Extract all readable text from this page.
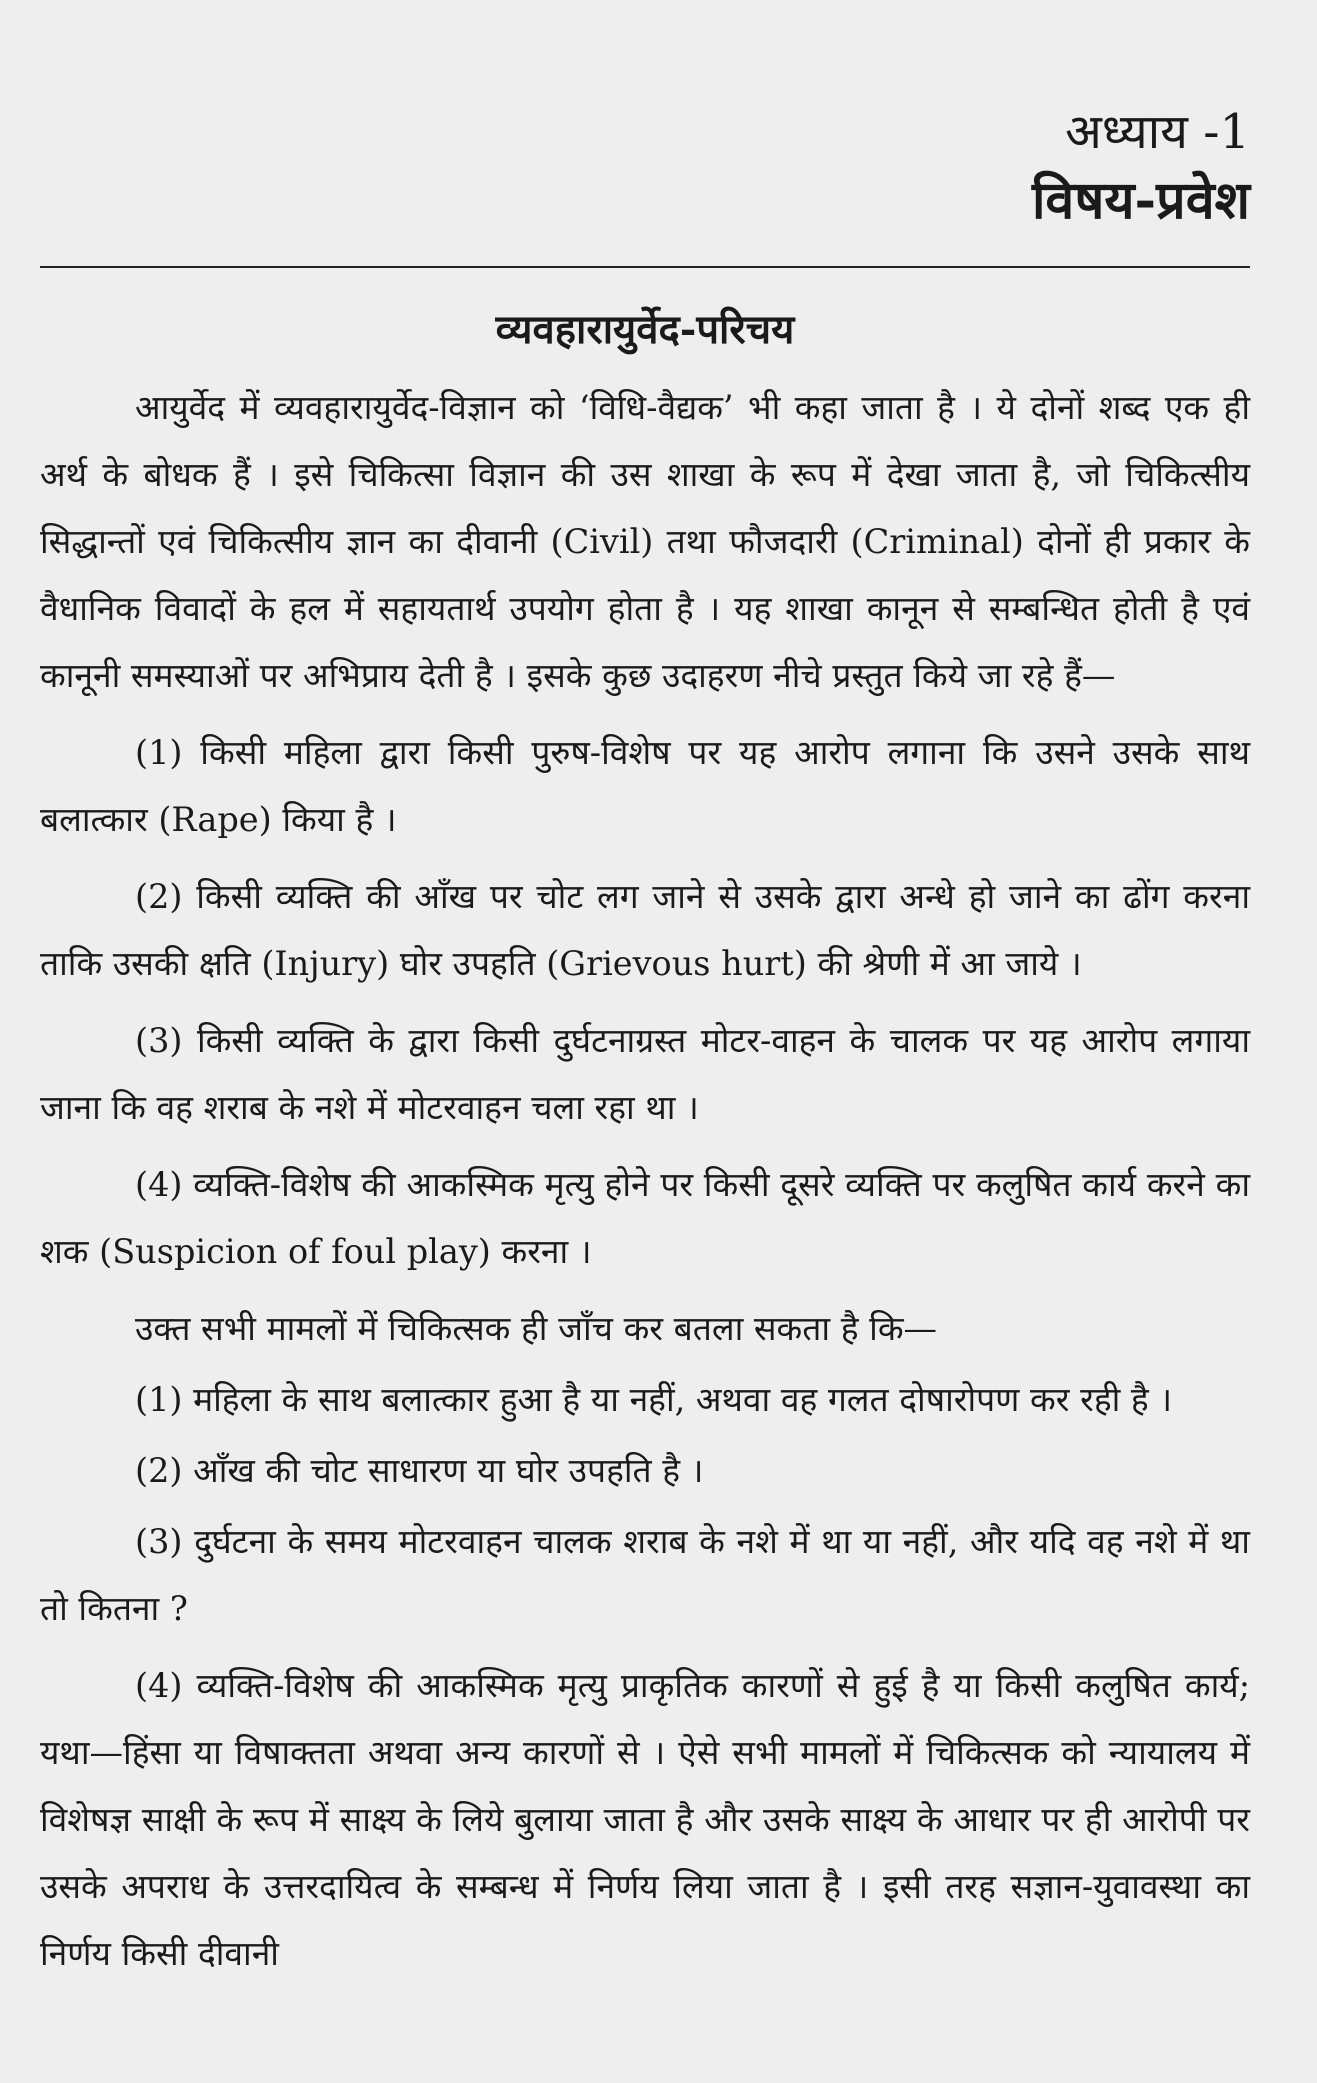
अध्याय -1
विषय-प्रवेश
व्यवहारायुर्वेद-परिचय

आयुर्वेद में व्यवहारायुर्वेद-विज्ञान को ‘विधि-वैद्यक’ भी कहा जाता है । ये दोनों शब्द एक ही अर्थ के बोधक हैं । इसे चिकित्सा विज्ञान की उस शाखा के रूप में देखा जाता है, जो चिकित्सीय सिद्धान्तों एवं चिकित्सीय ज्ञान का दीवानी (Civil) तथा फौजदारी (Criminal) दोनों ही प्रकार के वैधानिक विवादों के हल में सहायतार्थ उपयोग होता है । यह शाखा कानून से सम्बन्धित होती है एवं कानूनी समस्याओं पर अभिप्राय देती है । इसके कुछ उदाहरण नीचे प्रस्तुत किये जा रहे हैं—

(1) किसी महिला द्वारा किसी पुरुष-विशेष पर यह आरोप लगाना कि उसने उसके साथ बलात्कार (Rape) किया है ।

(2) किसी व्यक्ति की आँख पर चोट लग जाने से उसके द्वारा अन्धे हो जाने का ढोंग करना ताकि उसकी क्षति (Injury) घोर उपहति (Grievous hurt) की श्रेणी में आ जाये ।

(3) किसी व्यक्ति के द्वारा किसी दुर्घटनाग्रस्त मोटर-वाहन के चालक पर यह आरोप लगाया जाना कि वह शराब के नशे में मोटरवाहन चला रहा था ।

(4) व्यक्ति-विशेष की आकस्मिक मृत्यु होने पर किसी दूसरे व्यक्ति पर कलुषित कार्य करने का शक (Suspicion of foul play) करना ।

उक्त सभी मामलों में चिकित्सक ही जाँच कर बतला सकता है कि—

(1) महिला के साथ बलात्कार हुआ है या नहीं, अथवा वह गलत दोषारोपण कर रही है ।

(2) आँख की चोट साधारण या घोर उपहति है ।

(3) दुर्घटना के समय मोटरवाहन चालक शराब के नशे में था या नहीं, और यदि वह नशे में था तो कितना ?

(4) व्यक्ति-विशेष की आकस्मिक मृत्यु प्राकृतिक कारणों से हुई है या किसी कलुषित कार्य; यथा—हिंसा या विषाक्तता अथवा अन्य कारणों से । ऐसे सभी मामलों में चिकित्सक को न्यायालय में विशेषज्ञ साक्षी के रूप में साक्ष्य के लिये बुलाया जाता है और उसके साक्ष्य के आधार पर ही आरोपी पर उसके अपराध के उत्तरदायित्व के सम्बन्ध में निर्णय लिया जाता है । इसी तरह सज्ञान-युवावस्था का निर्णय किसी दीवानी
